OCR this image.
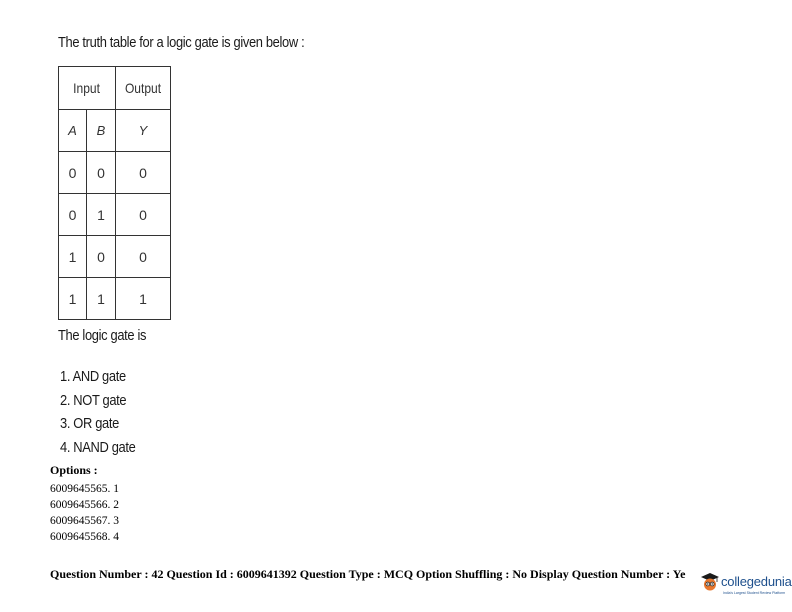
The truth table for a logic gate is given below :
Input		Output
A	B	Y
0	0	0
0	1	0
1	0	0
1	1	1
The logic gate is
1. AND gate
2. NOT gate
3. OR gate
4. NAND gate
Options :
6009645565. 1
6009645566. 2
6009645567. 3
6009645568. 4
Question Number : 42 Question Id : 6009641392 Question Type : MCQ Option Shuffling : No Display Question Number : Ye	collegedunia
India's Largest Student Review Platform
